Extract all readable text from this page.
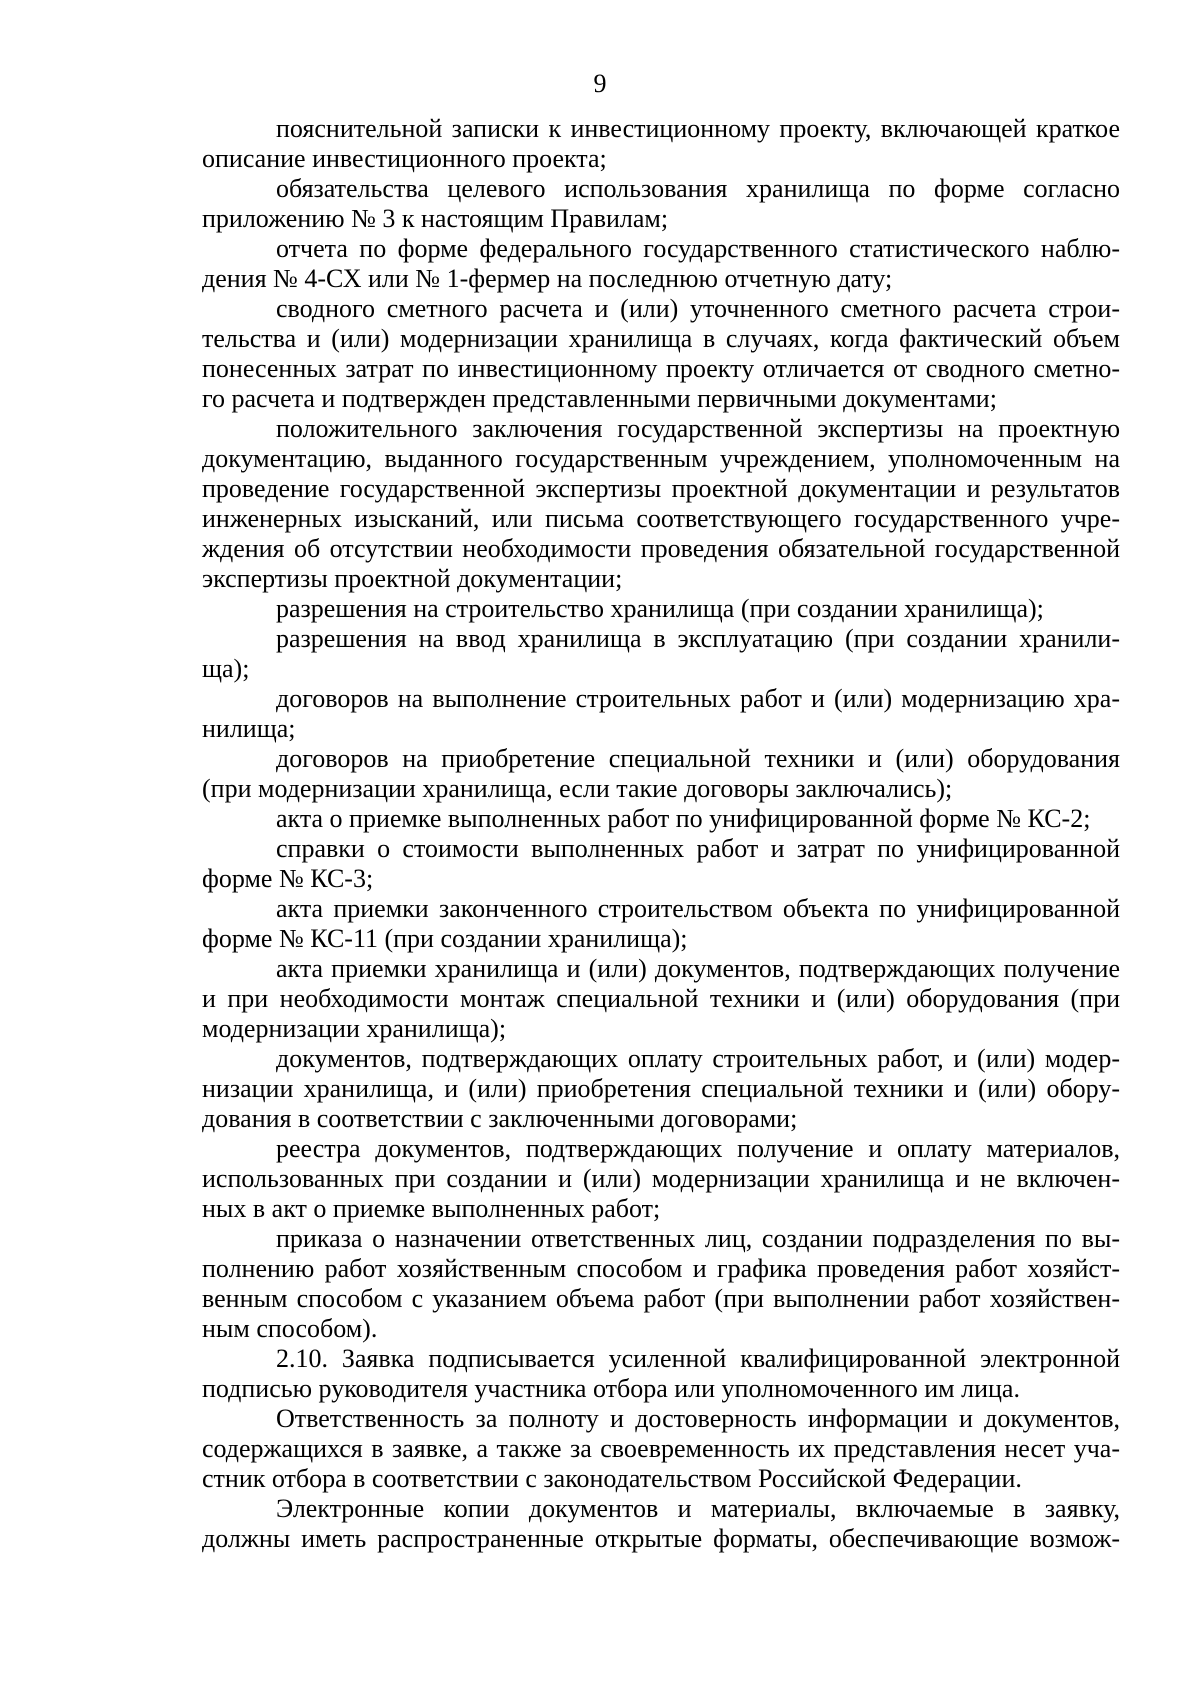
9
пояснительной записки к инвестиционному проекту, включающей краткое
описание инвестиционного проекта;
обязательства целевого использования хранилища по форме согласно
приложению № 3 к настоящим Правилам;
отчета по форме федерального государственного статистического наблю-
дения № 4-СХ или № 1-фермер на последнюю отчетную дату;
сводного сметного расчета и (или) уточненного сметного расчета строи-
тельства и (или) модернизации хранилища в случаях, когда фактический объем
понесенных затрат по инвестиционному проекту отличается от сводного сметно-
го расчета и подтвержден представленными первичными документами;
положительного заключения государственной экспертизы на проектную
документацию, выданного государственным учреждением, уполномоченным на
проведение государственной экспертизы проектной документации и результатов
инженерных изысканий, или письма соответствующего государственного учре-
ждения об отсутствии необходимости проведения обязательной государственной
экспертизы проектной документации;
разрешения на строительство хранилища (при создании хранилища);
разрешения на ввод хранилища в эксплуатацию (при создании хранили-
ща);
договоров на выполнение строительных работ и (или) модернизацию хра-
нилища;
договоров на приобретение специальной техники и (или) оборудования
(при модернизации хранилища, если такие договоры заключались);
акта о приемке выполненных работ по унифицированной форме № КС-2;
справки о стоимости выполненных работ и затрат по унифицированной
форме № КС-3;
акта приемки законченного строительством объекта по унифицированной
форме № КС-11 (при создании хранилища);
акта приемки хранилища и (или) документов, подтверждающих получение
и при необходимости монтаж специальной техники и (или) оборудования (при
модернизации хранилища);
документов, подтверждающих оплату строительных работ, и (или) модер-
низации хранилища, и (или) приобретения специальной техники и (или) обору-
дования в соответствии с заключенными договорами;
реестра документов, подтверждающих получение и оплату материалов,
использованных при создании и (или) модернизации хранилища и не включен-
ных в акт о приемке выполненных работ;
приказа о назначении ответственных лиц, создании подразделения по вы-
полнению работ хозяйственным способом и графика проведения работ хозяйст-
венным способом с указанием объема работ (при выполнении работ хозяйствен-
ным способом).
2.10. Заявка подписывается усиленной квалифицированной электронной
подписью руководителя участника отбора или уполномоченного им лица.
Ответственность за полноту и достоверность информации и документов,
содержащихся в заявке, а также за своевременность их представления несет уча-
стник отбора в соответствии с законодательством Российской Федерации.
Электронные копии документов и материалы, включаемые в заявку,
должны иметь распространенные открытые форматы, обеспечивающие возмож-
